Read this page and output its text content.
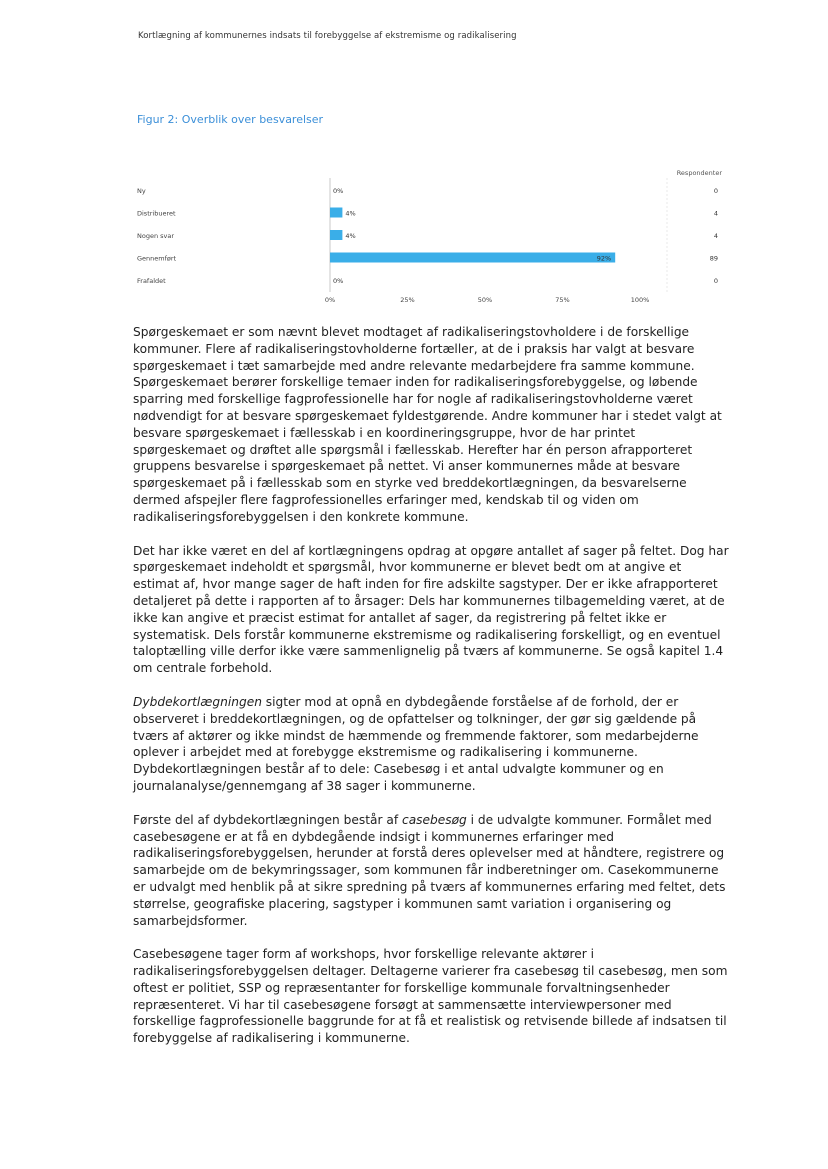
Kortlægning af kommunernes indsats til forebyggelse af ekstremisme og radikalisering
Figur 2: Overblik over besvarelser
Respondenter
Ny	0%	0
Distribueret	4%	4
Nogen svar	4%	4
Gennemført	92%	89
Frafaldet	0%	0
0%	25%	50%	75%	100%

Spørgeskemaet er som nævnt blevet modtaget af radikaliseringstovholdere i de forskellige kommuner. Flere af radikaliseringstovholderne fortæller, at de i praksis har valgt at besvare spørgeskemaet i tæt samarbejde med andre relevante medarbejdere fra samme kommune. Spørgeskemaet berører forskellige temaer inden for radikaliseringsforebyggelse, og løbende sparring med forskellige fagprofessionelle har for nogle af radikaliseringstovholderne været nødvendigt for at besvare spørgeskemaet fyldestgørende. Andre kommuner har i stedet valgt at besvare spørgeskemaet i fællesskab i en koordineringsgruppe, hvor de har printet spørgeskemaet og drøftet alle spørgsmål i fællesskab. Herefter har én person afrapporteret gruppens besvarelse i spørgeskemaet på nettet. Vi anser kommunernes måde at besvare spørgeskemaet på i fællesskab som en styrke ved breddekortlægningen, da besvarelserne dermed afspejler flere fagprofessionelles erfaringer med, kendskab til og viden om radikaliseringsforebyggelsen i den konkrete kommune.

Det har ikke været en del af kortlægningens opdrag at opgøre antallet af sager på feltet. Dog har spørgeskemaet indeholdt et spørgsmål, hvor kommunerne er blevet bedt om at angive et estimat af, hvor mange sager de haft inden for fire adskilte sagstyper. Der er ikke afrapporteret detaljeret på dette i rapporten af to årsager: Dels har kommunernes tilbagemelding været, at de ikke kan angive et præcist estimat for antallet af sager, da registrering på feltet ikke er systematisk. Dels forstår kommunerne ekstremisme og radikalisering forskelligt, og en eventuel taloptælling ville derfor ikke være sammenlignelig på tværs af kommunerne. Se også kapitel 1.4 om centrale forbehold.

Dybdekortlægningen sigter mod at opnå en dybdegående forståelse af de forhold, der er observeret i breddekortlægningen, og de opfattelser og tolkninger, der gør sig gældende på tværs af aktører og ikke mindst de hæmmende og fremmende faktorer, som medarbejderne oplever i arbejdet med at forebygge ekstremisme og radikalisering i kommunerne. Dybdekortlægningen består af to dele: Casebesøg i et antal udvalgte kommuner og en journalanalyse/gennemgang af 38 sager i kommunerne.

Første del af dybdekortlægningen består af casebesøg i de udvalgte kommuner. Formålet med casebesøgene er at få en dybdegående indsigt i kommunernes erfaringer med radikaliseringsforebyggelsen, herunder at forstå deres oplevelser med at håndtere, registrere og samarbejde om de bekymringssager, som kommunen får indberetninger om. Casekommunerne er udvalgt med henblik på at sikre spredning på tværs af kommunernes erfaring med feltet, dets størrelse, geografiske placering, sagstyper i kommunen samt variation i organisering og samarbejdsformer.

Casebesøgene tager form af workshops, hvor forskellige relevante aktører i radikaliseringsforebyggelsen deltager. Deltagerne varierer fra casebesøg til casebesøg, men som oftest er politiet, SSP og repræsentanter for forskellige kommunale forvaltningsenheder repræsenteret. Vi har til casebesøgene forsøgt at sammensætte interviewpersoner med forskellige fagprofessionelle baggrunde for at få et realistisk og retvisende billede af indsatsen til forebyggelse af radikalisering i kommunerne.
